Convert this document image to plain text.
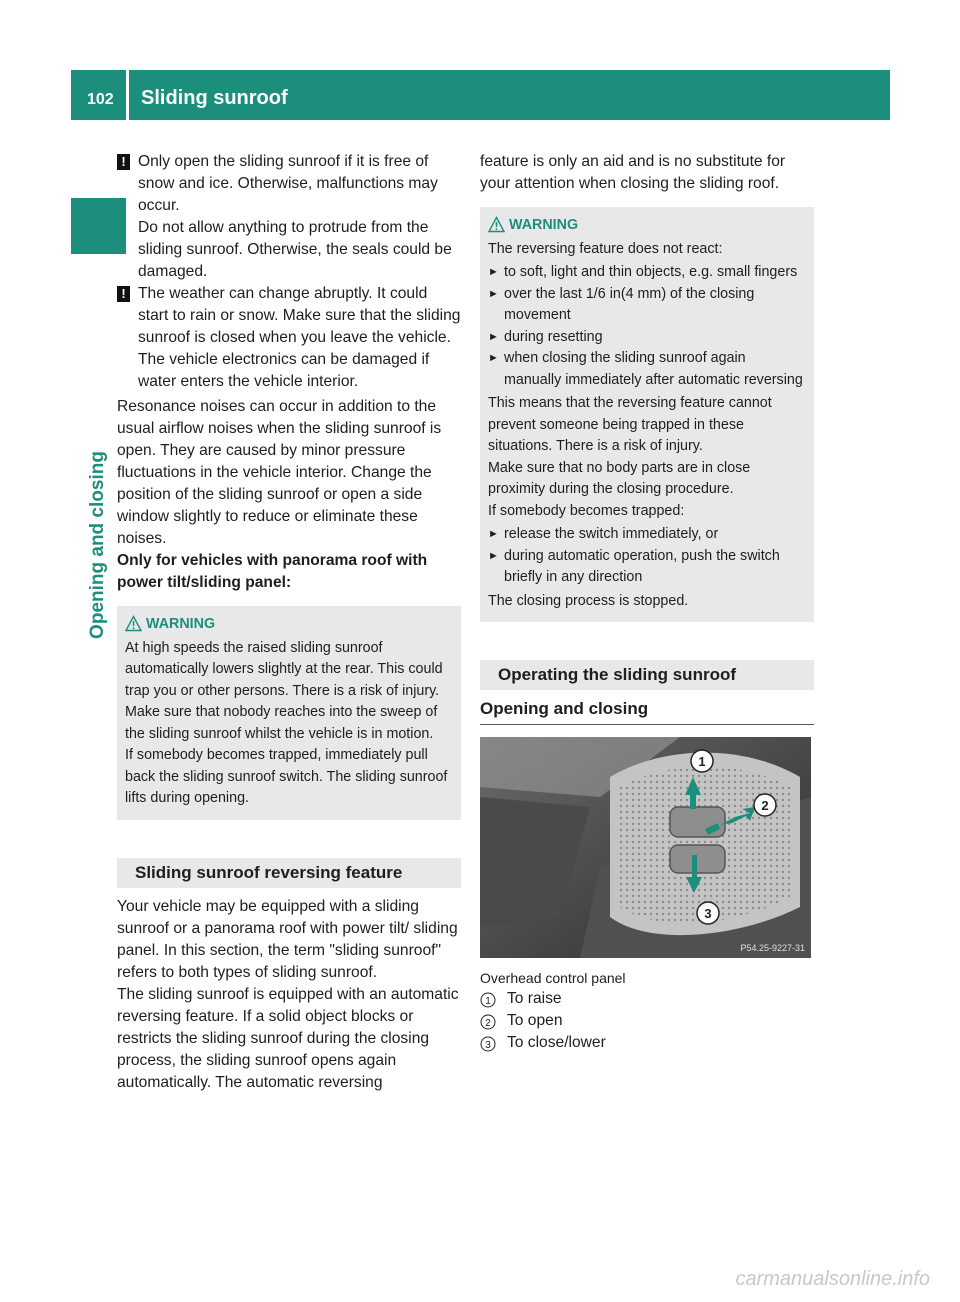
102 Sliding sunroof
Opening and closing
! Only open the sliding sunroof if it is free of snow and ice. Otherwise, malfunctions may occur.

Do not allow anything to protrude from the sliding sunroof. Otherwise, the seals could be damaged.

! The weather can change abruptly. It could start to rain or snow. Make sure that the sliding sunroof is closed when you leave the vehicle. The vehicle electronics can be damaged if water enters the vehicle interior.

Resonance noises can occur in addition to the usual airflow noises when the sliding sunroof is open. They are caused by minor pressure fluctuations in the vehicle interior. Change the position of the sliding sunroof or open a side window slightly to reduce or eliminate these noises.

Only for vehicles with panorama roof with power tilt/sliding panel:

WARNING

At high speeds the raised sliding sunroof automatically lowers slightly at the rear. This could trap you or other persons. There is a risk of injury. Make sure that nobody reaches into the sweep of the sliding sunroof whilst the vehicle is in motion.

If somebody becomes trapped, immediately pull back the sliding sunroof switch. The sliding sunroof lifts during opening.

Sliding sunroof reversing feature

Your vehicle may be equipped with a sliding sunroof or a panorama roof with power tilt/ sliding panel. In this section, the term "sliding sunroof" refers to both types of sliding sunroof.

The sliding sunroof is equipped with an automatic reversing feature. If a solid object blocks or restricts the sliding sunroof during the closing process, the sliding sunroof opens again automatically. The automatic reversing

feature is only an aid and is no substitute for your attention when closing the sliding roof.

WARNING

The reversing feature does not react:

► to soft, light and thin objects, e.g. small fingers
► over the last 1/6 in(4 mm) of the closing movement
► during resetting
► when closing the sliding sunroof again manually immediately after automatic reversing

This means that the reversing feature cannot prevent someone being trapped in these situations. There is a risk of injury.

Make sure that no body parts are in close proximity during the closing procedure.

If somebody becomes trapped:

► release the switch immediately, or
► during automatic operation, push the switch briefly in any direction

The closing process is stopped.

Operating the sliding sunroof
Opening and closing
1
2
3
P54.25-9227-31

Overhead control panel

1 To raise
2 To open
3 To close/lower
carmanualsonline.info
